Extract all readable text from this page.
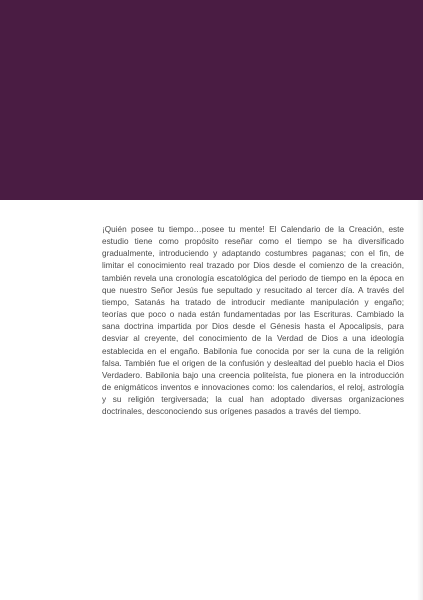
¡Quién posee tu tiempo…posee tu mente! El Calendario de la Creación, este estudio tiene como propósito reseñar como el tiempo se ha diversificado gradualmente, introduciendo y adaptando costumbres paganas; con el fin, de limitar el conocimiento real trazado por Dios desde el comienzo de la creación, también revela una cronología escatológica del periodo de tiempo en la época en que nuestro Señor Jesús fue sepultado y resucitado al tercer día. A través del tiempo, Satanás ha tratado de introducir mediante manipulación y engaño; teorías que poco o nada están fundamentadas por las Escrituras. Cambiado la sana doctrina impartida por Dios desde el Génesis hasta el Apocalipsis, para desviar al creyente, del conocimiento de la Verdad de Dios a una ideología establecida en el engaño. Babilonia fue conocida por ser la cuna de la religión falsa. También fue el origen de la confusión y deslealtad del pueblo hacia el Dios Verdadero. Babilonia bajo una creencia politeísta, fue pionera en la introducción de enigmáticos inventos e innovaciones como: los calendarios, el reloj, astrología y su religión tergiversada; la cual han adoptado diversas organizaciones doctrinales, desconociendo sus orígenes pasados a través del tiempo.
